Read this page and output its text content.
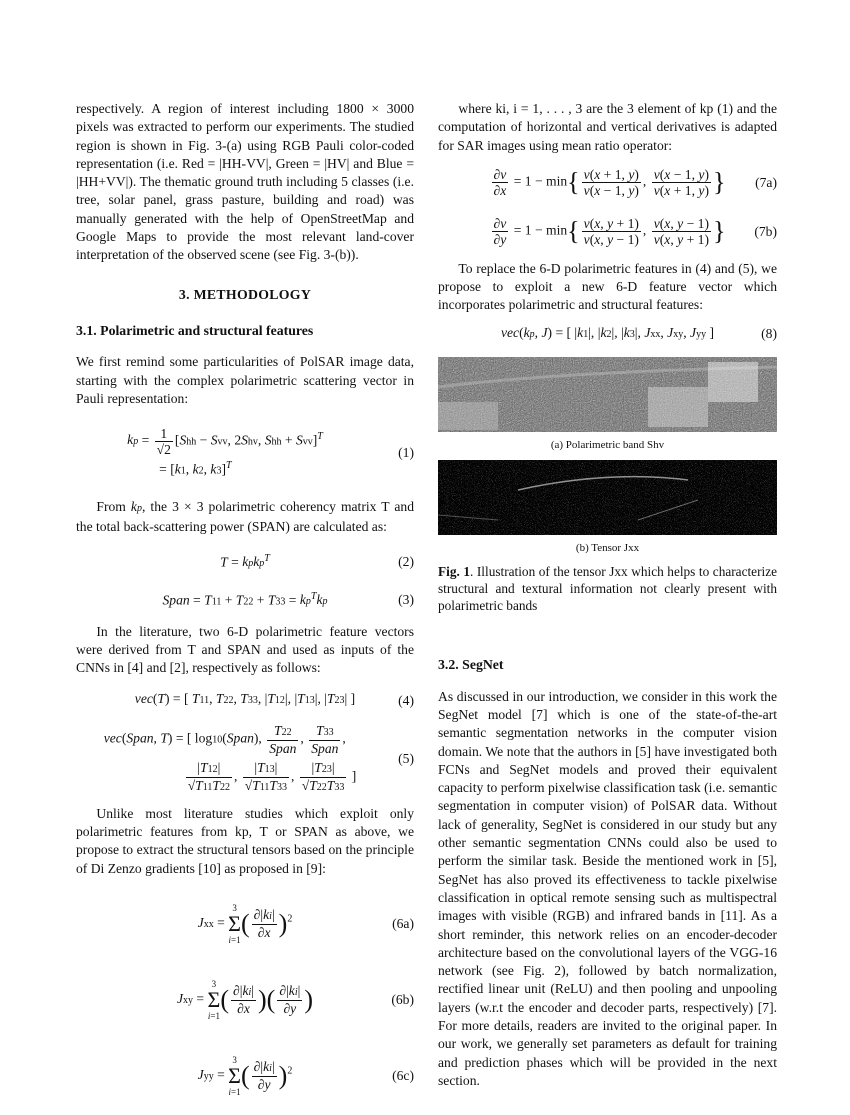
respectively. A region of interest including 1800 × 3000 pixels was extracted to perform our experiments. The studied region is shown in Fig. 3-(a) using RGB Pauli color-coded representation (i.e. Red = |HH-VV|, Green = |HV| and Blue = |HH+VV|). The thematic ground truth including 5 classes (i.e. tree, solar panel, grass pasture, building and road) was manually generated with the help of OpenStreetMap and Google Maps to provide the most relevant land-cover interpretation of the observed scene (see Fig. 3-(b)).

3. METHODOLOGY
3.1. Polarimetric and structural features

We first remind some particularities of PolSAR image data, starting with the complex polarimetric scattering vector in Pauli representation:

kp = $\frac{1}{√2} [Shh$ − Svv, 2Shv, Shh + Svv]$^T$
= [k1, k2, k3]$^T$
(1)

From kp, the 3 × 3 polarimetric coherency matrix T and the total back-scattering power (SPAN) are calculated as:

T = kpkp$^T$	(2)
Span = $T11 + T22 + T33 = kp^Tkp$	(3)

In the literature, two 6-D polarimetric feature vectors were derived from T and SPAN and used as inputs of the CNNs in [4] and [2], respectively as follows:

vec(T) = [ T11, T22, T33, |T12|, |T13|, |T23| ]	(4)
vec(Span, T) = [ log10(Span), $\frac{T22}{\text{Span}}$ , $\frac{T33}{\text{Span}}$ ,
$\frac{|T12|}{√T11T22}$ , $\frac{|T13|}{√T11T33}$ , $\frac{|T23|}{√T22T33}$ ]
(5)

Unlike most literature studies which exploit only polarimetric features from kp, T or SPAN as above, we propose to extract the structural tensors based on the principle of Di Zenzo gradients [10] as proposed in [9]:

Jxx =
3
Σ
i=1
( $\frac{\partial|ki|}{\partial x} )^2$	(6a)
Jxy =
3
Σ
i=1
( $\frac{\partial|ki|}{\partial x}$ )( $\frac{\partial|ki|}{\partial y}$ )	(6b)
Jyy =
3
Σ
i=1
( $\frac{\partial|ki|}{\partial y} )^2$	(6c)

where ki, i = 1, . . . , 3 are the 3 element of kp (1) and the computation of horizontal and vertical derivatives is adapted for SAR images using mean ratio operator:

$\frac{\partial v}{\partial x} = 1 - \min\{ \frac{v(x + 1, y)}{v(x - 1, y)}$ , $\frac{v(x - 1, y)}{v(x + 1, y)}$ } (7a)
$\frac{\partial v}{\partial y} = 1 - \min\{ \frac{v(x, y + 1)}{v(x, y - 1)}$ , $\frac{v(x, y - 1)}{v(x, y + 1)}$ } (7b)

To replace the 6-D polarimetric features in (4) and (5), we propose to exploit a new 6-D feature vector which incorporates polarimetric and structural features:

vec(kp, J) = [ |k1|, |k2|, |k3|, Jxx, Jxy, Jyy ]	(8)
(a) Polarimetric band Shv
(b) Tensor Jxx

Fig. 1. Illustration of the tensor Jxx which helps to characterize structural and textural information not clearly present with polarimetric bands

3.2. SegNet

As discussed in our introduction, we consider in this work the SegNet model [7] which is one of the state-of-the-art semantic segmentation networks in the computer vision domain. We note that the authors in [5] have investigated both FCNs and SegNet models and proved their equivalent capacity to perform pixelwise classification task (i.e. semantic segmentation in computer vision) of PolSAR data. Without lack of generality, SegNet is considered in our study but any other semantic segmentation CNNs could also be used to perform the similar task. Beside the mentioned work in [5], SegNet has also proved its effectiveness to tackle pixelwise classification in optical remote sensing such as multispectral images with visible (RGB) and infrared bands in [11]. As a short reminder, this network relies on an encoder-decoder architecture based on the convolutional layers of the VGG-16 network (see Fig. 2), followed by batch normalization, rectified linear unit (ReLU) and then pooling and unpooling layers (w.r.t the encoder and decoder parts, respectively) [7]. For more details, readers are invited to the original paper. In our work, we generally set parameters as default for training and prediction phases which will be provided in the next section.
